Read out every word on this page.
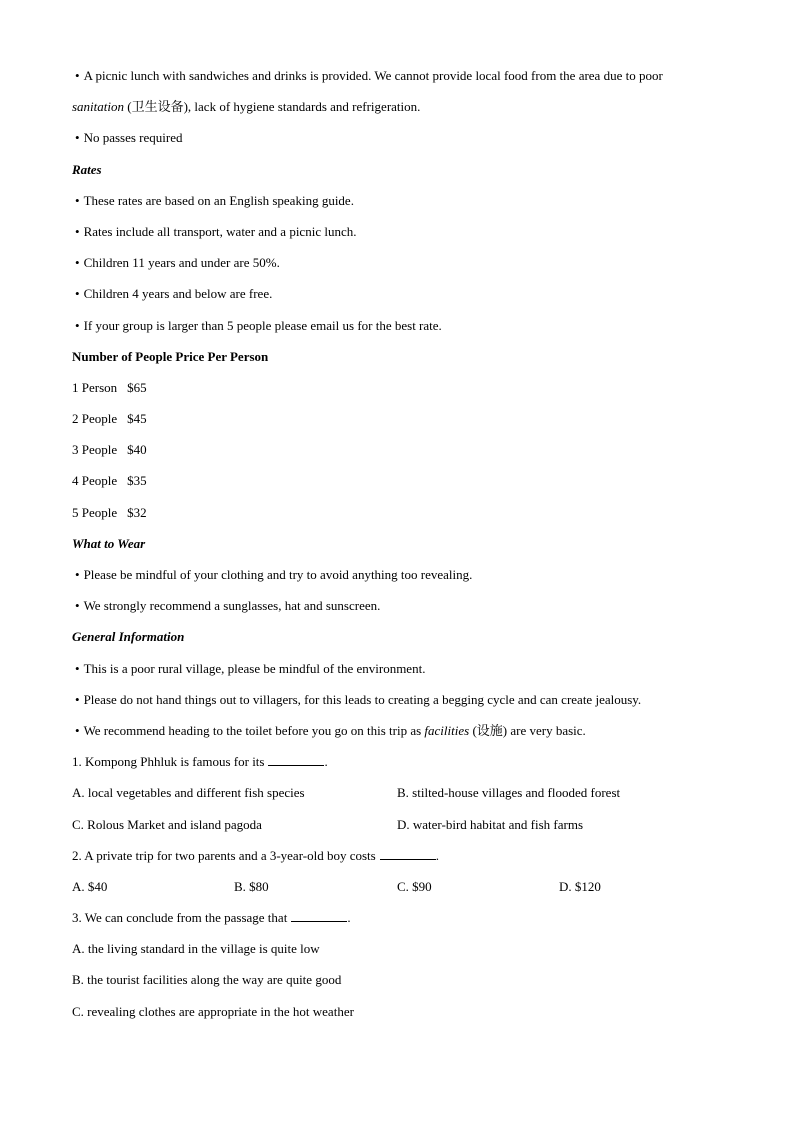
• A picnic lunch with sandwiches and drinks is provided. We cannot provide local food from the area due to poor
sanitation (卫生设备), lack of hygiene standards and refrigeration.
• No passes required
Rates
• These rates are based on an English speaking guide.
• Rates include all transport, water and a picnic lunch.
• Children 11 years and under are 50%.
• Children 4 years and below are free.
• If your group is larger than 5 people please email us for the best rate.
Number of People Price Per Person
1 Person $65
2 People $45
3 People $40
4 People $35
5 People $32
What to Wear
• Please be mindful of your clothing and try to avoid anything too revealing.
• We strongly recommend a sunglasses, hat and sunscreen.
General Information
• This is a poor rural village, please be mindful of the environment.
• Please do not hand things out to villagers, for this leads to creating a begging cycle and can create jealousy.
• We recommend heading to the toilet before you go on this trip as facilities (设施) are very basic.
1. Kompong Phhluk is famous for its	.
A. local vegetables and different fish species	B. stilted-house villages and flooded forest
C. Rolous Market and island pagoda	D. water-bird habitat and fish farms
2. A private trip for two parents and a 3-year-old boy costs	.
A. $40	B. $80	C. $90	D. $120
3. We can conclude from the passage that	.
A. the living standard in the village is quite low
B. the tourist facilities along the way are quite good
C. revealing clothes are appropriate in the hot weather
